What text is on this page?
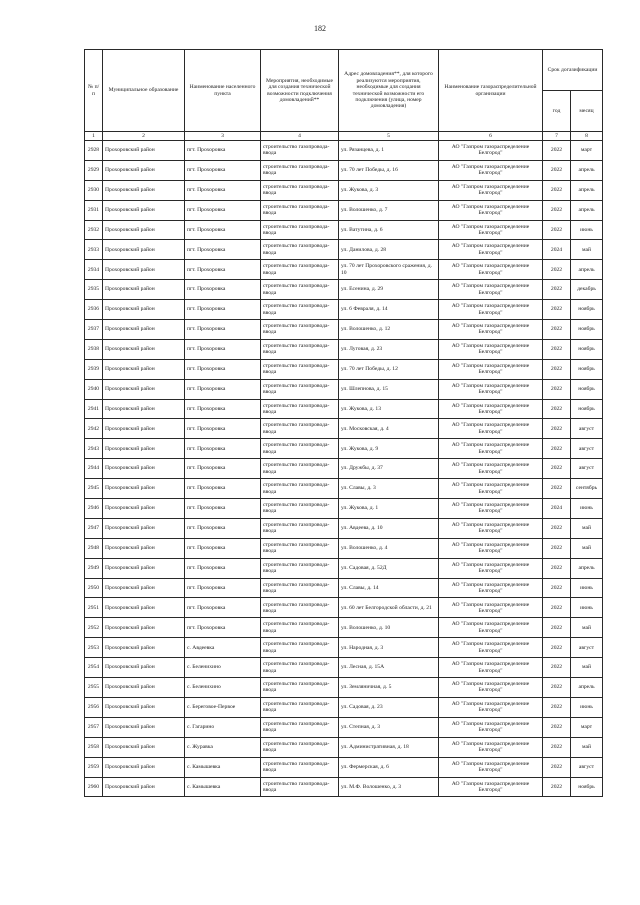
182
№ п/п	Муниципальное образование	Наименование населенного пункта	Мероприятия, необходимые для создания технической возможности подключения домовладений**	Адрес домовладения**, для которого реализуются мероприятия, необходимые для создания технической возможности его подключения (улица, номер домовладения)	Наименование газораспределительной организации	Срок догазификации	
						год	месяц
1	2	3	4	5	6	7	8
2928	Прохоровский район	пгт. Прохоровка	строительство газопровода-ввода	ул. Рязанцева, д. 1	АО "Газпром газораспределение Белгород"	2022	март
2929	Прохоровский район	пгт. Прохоровка	строительство газопровода-ввода	ул. 70 лет Победы, д. 16	АО "Газпром газораспределение Белгород"	2022	апрель
2930	Прохоровский район	пгт. Прохоровка	строительство газопровода-ввода	ул. Жукова, д. 3	АО "Газпром газораспределение Белгород"	2022	апрель
2931	Прохоровский район	пгт. Прохоровка	строительство газопровода-ввода	ул. Волошенко, д. 7	АО "Газпром газораспределение Белгород"	2022	апрель
2932	Прохоровский район	пгт. Прохоровка	строительство газопровода-ввода	ул. Ватутина, д. 6	АО "Газпром газораспределение Белгород"	2022	июнь
2933	Прохоровский район	пгт. Прохоровка	строительство газопровода-ввода	ул. Данилова, д. 28	АО "Газпром газораспределение Белгород"	2024	май
2934	Прохоровский район	пгт. Прохоровка	строительство газопровода-ввода	ул. 70 лет Прохоровского сражения, д. 10	АО "Газпром газораспределение Белгород"	2022	апрель
2935	Прохоровский район	пгт. Прохоровка	строительство газопровода-ввода	ул. Есенина, д. 29	АО "Газпром газораспределение Белгород"	2022	декабрь
2936	Прохоровский район	пгт. Прохоровка	строительство газопровода-ввода	ул. 6 Февраля, д. 14	АО "Газпром газораспределение Белгород"	2022	ноябрь
2937	Прохоровский район	пгт. Прохоровка	строительство газопровода-ввода	ул. Волошенко, д. 12	АО "Газпром газораспределение Белгород"	2022	ноябрь
2938	Прохоровский район	пгт. Прохоровка	строительство газопровода-ввода	ул. Луговая, д. 23	АО "Газпром газораспределение Белгород"	2022	ноябрь
2939	Прохоровский район	пгт. Прохоровка	строительство газопровода-ввода	ул. 70 лет Победы, д. 12	АО "Газпром газораспределение Белгород"	2022	ноябрь
2940	Прохоровский район	пгт. Прохоровка	строительство газопровода-ввода	ул. Шлепнова, д. 15	АО "Газпром газораспределение Белгород"	2022	ноябрь
2941	Прохоровский район	пгт. Прохоровка	строительство газопровода-ввода	ул. Жукова, д. 13	АО "Газпром газораспределение Белгород"	2022	ноябрь
2942	Прохоровский район	пгт. Прохоровка	строительство газопровода-ввода	ул. Московская, д. 4	АО "Газпром газораспределение Белгород"	2022	август
2943	Прохоровский район	пгт. Прохоровка	строительство газопровода-ввода	ул. Жукова, д. 9	АО "Газпром газораспределение Белгород"	2022	август
2944	Прохоровский район	пгт. Прохоровка	строительство газопровода-ввода	ул. Дружбы, д. 37	АО "Газпром газораспределение Белгород"	2022	август
2945	Прохоровский район	пгт. Прохоровка	строительство газопровода-ввода	ул. Славы, д. 3	АО "Газпром газораспределение Белгород"	2022	сентябрь
2946	Прохоровский район	пгт. Прохоровка	строительство газопровода-ввода	ул. Жукова, д. 1	АО "Газпром газораспределение Белгород"	2024	июнь
2947	Прохоровский район	пгт. Прохоровка	строительство газопровода-ввода	ул. Авдеева, д. 10	АО "Газпром газораспределение Белгород"	2022	май
2948	Прохоровский район	пгт. Прохоровка	строительство газопровода-ввода	ул. Волошенко, д. 4	АО "Газпром газораспределение Белгород"	2022	май
2949	Прохоровский район	пгт. Прохоровка	строительство газопровода-ввода	ул. Садовая, д. 52Д	АО "Газпром газораспределение Белгород"	2022	апрель
2950	Прохоровский район	пгт. Прохоровка	строительство газопровода-ввода	ул. Славы, д. 14	АО "Газпром газораспределение Белгород"	2022	июнь
2951	Прохоровский район	пгт. Прохоровка	строительство газопровода-ввода	ул. 60 лет Белгородской области, д. 21	АО "Газпром газораспределение Белгород"	2022	июнь
2952	Прохоровский район	пгт. Прохоровка	строительство газопровода-ввода	ул. Волошенко, д. 10	АО "Газпром газораспределение Белгород"	2022	май
2953	Прохоровский район	с. Авдеевка	строительство газопровода-ввода	ул. Народная, д. 3	АО "Газпром газораспределение Белгород"	2022	август
2954	Прохоровский район	с. Беленихино	строительство газопровода-ввода	ул. Лесная, д. 15А	АО "Газпром газораспределение Белгород"	2022	май
2955	Прохоровский район	с. Беленихино	строительство газопровода-ввода	ул. Земляничная, д. 5	АО "Газпром газораспределение Белгород"	2022	апрель
2956	Прохоровский район	с. Береговое-Первое	строительство газопровода-ввода	ул. Садовая, д. 23	АО "Газпром газораспределение Белгород"	2022	июнь
2957	Прохоровский район	с. Гагарино	строительство газопровода-ввода	ул. Степная, д. 3	АО "Газпром газораспределение Белгород"	2022	март
2958	Прохоровский район	с. Журавка	строительство газопровода-ввода	ул. Административная, д. 18	АО "Газпром газораспределение Белгород"	2022	май
2959	Прохоровский район	с. Камышевка	строительство газопровода-ввода	ул. Фермерская, д. 6	АО "Газпром газораспределение Белгород"	2022	август
2960	Прохоровский район	с. Камышевка	строительство газопровода-ввода	ул. М.Ф. Волошенко, д. 3	АО "Газпром газораспределение Белгород"	2022	ноябрь
